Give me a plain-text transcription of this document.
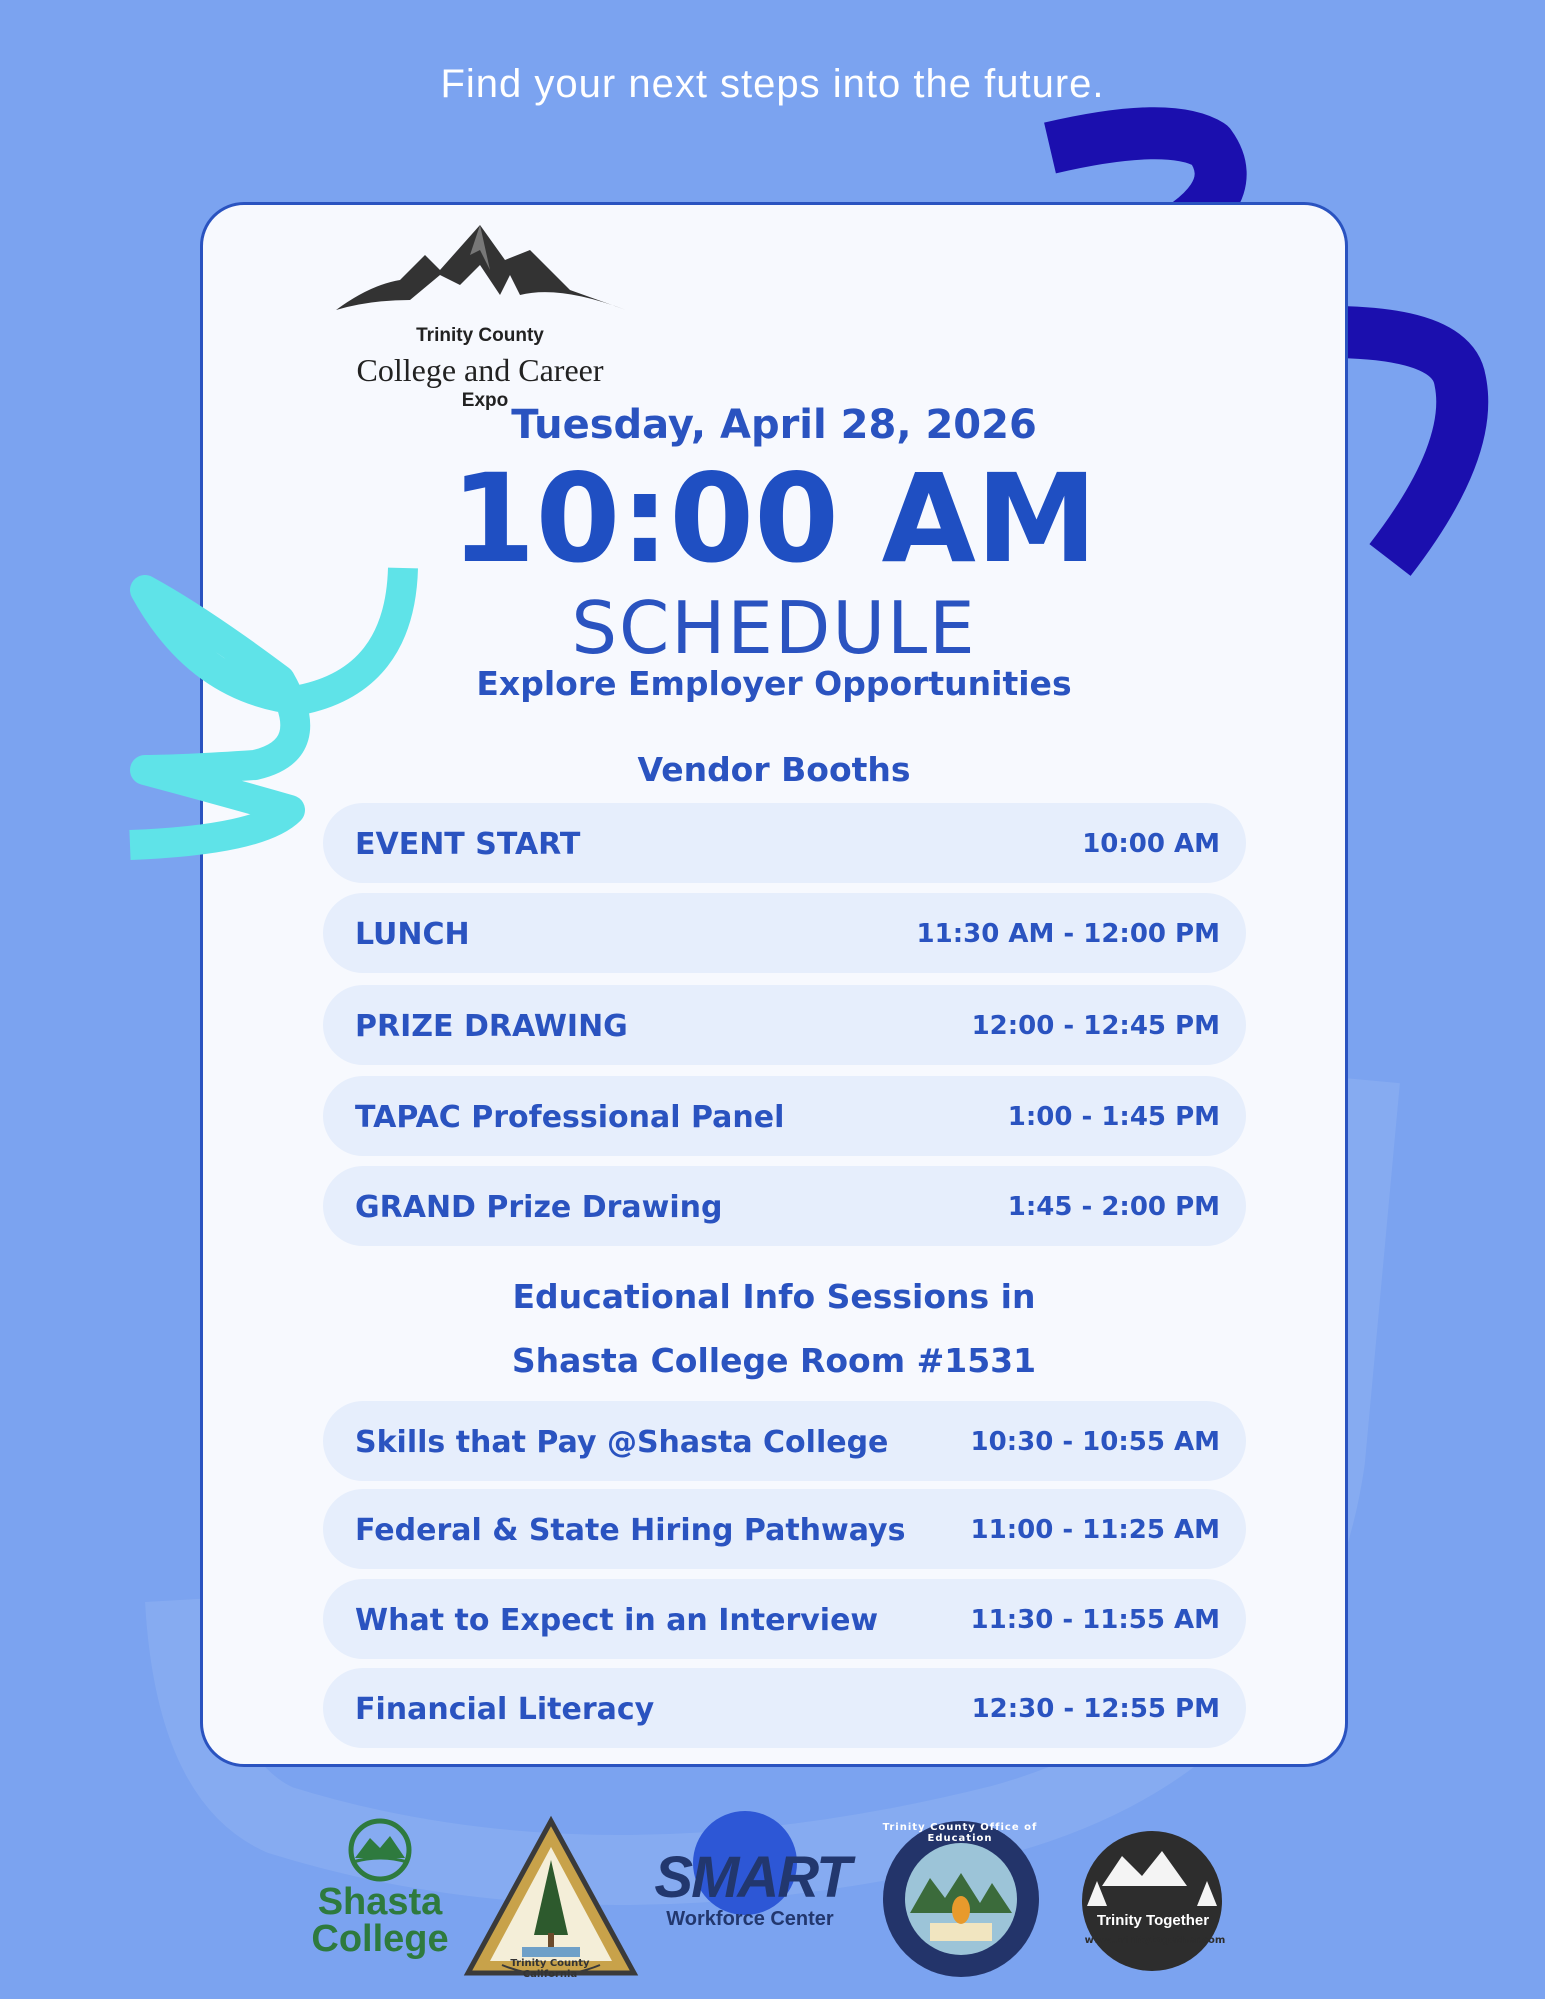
Find your next steps into the future.
Trinity County
College and Career
Expo
Tuesday, April 28, 2026
10:00 AM
SCHEDULE
Explore Employer Opportunities
Vendor Booths
EVENT START	10:00 AM
LUNCH	11:30 AM - 12:00 PM
PRIZE DRAWING	12:00 - 12:45 PM
TAPAC Professional Panel	1:00 - 1:45 PM
GRAND Prize Drawing	1:45 - 2:00 PM
Educational Info Sessions in
Shasta College Room #1531
Skills that Pay @Shasta College	10:30 - 10:55 AM
Federal & State Hiring Pathways	11:00 - 11:25 AM
What to Expect in an Interview	11:30 - 11:55 AM
Financial Literacy	12:30 - 12:55 PM
Shasta College
Trinity County California
SMART
Workforce Center
Trinity County Office of Education
Trinity Together
www.trinitytogether.com
